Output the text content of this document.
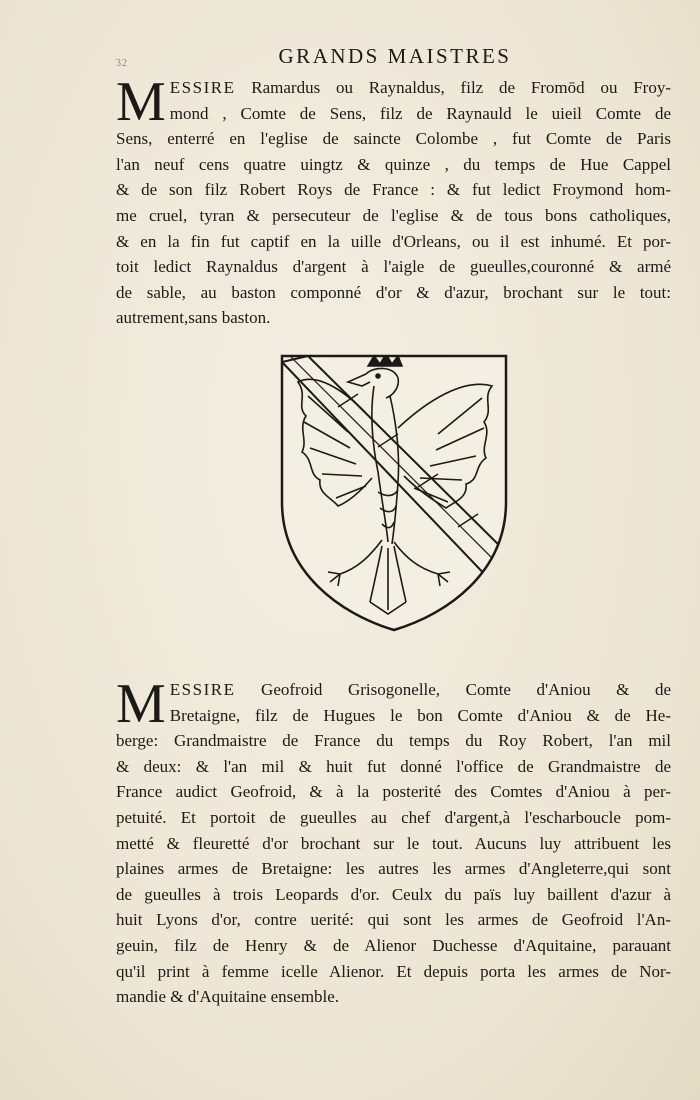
32	GRANDS MAISTRES
M ESSIRE Ramardus ou Raynaldus, filz de Fromōd ou Froy-
mond , Comte de Sens, filz de Raynauld le uieil Comte de
Sens, enterré en l'eglise de saincte Colombe , fut Comte de Paris
l'an neuf cens quatre uingtz & quinze , du temps de Hue Cappel
& de son filz Robert Roys de France : & fut ledict Froymond hom-
me cruel, tyran & persecuteur de l'eglise & de tous bons catholiques,
& en la fin fut captif en la uille d'Orleans, ou il est inhumé. Et por-
toit ledict Raynaldus d'argent à l'aigle de gueulles,couronné & armé
de sable, au baston componné d'or & d'azur, brochant sur le tout:
autrement,sans baston.
M ESSIRE Geofroid Grisogonelle, Comte d'Aniou & de
Bretaigne, filz de Hugues le bon Comte d'Aniou & de He-
berge: Grandmaistre de France du temps du Roy Robert, l'an mil
& deux: & l'an mil & huit fut donné l'office de Grandmaistre de
France audict Geofroid, & à la posterité des Comtes d'Aniou à per-
petuité. Et portoit de gueulles au chef d'argent,à l'escharboucle pom-
metté & fleuretté d'or brochant sur le tout. Aucuns luy attribuent les
plaines armes de Bretaigne: les autres les armes d'Angleterre,qui sont
de gueulles à trois Leopards d'or. Ceulx du païs luy baillent d'azur à
huit Lyons d'or, contre uerité: qui sont les armes de Geofroid l'An-
geuin, filz de Henry & de Alienor Duchesse d'Aquitaine, parauant
qu'il print à femme icelle Alienor. Et depuis porta les armes de Nor-
mandie & d'Aquitaine ensemble.
